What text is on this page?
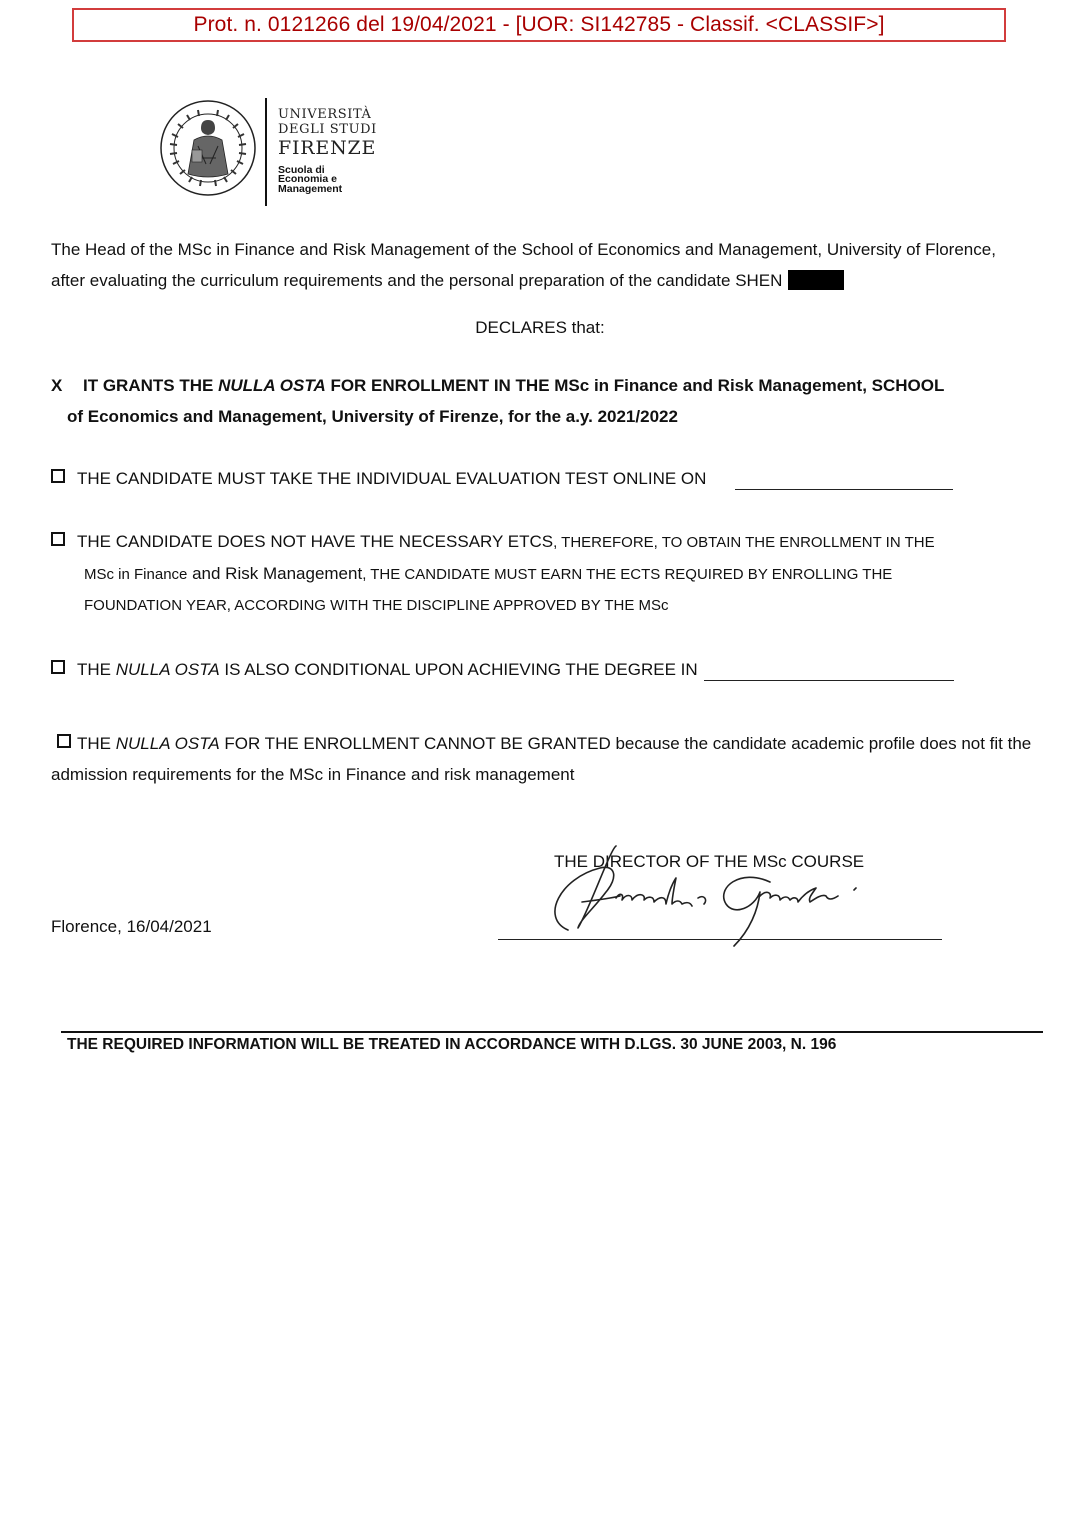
Prot. n. 0121266 del 19/04/2021 - [UOR: SI142785 - Classif. <CLASSIF>]
UNIVERSITÀ
DEGLI STUDI
FIRENZE
Scuola di
Economia e
Management
The Head of the MSc in Finance and Risk Management of the School of Economics and Management, University of Florence, after evaluating the curriculum requirements and the personal preparation of the candidate SHEN
DECLARES that:
X IT GRANTS THE NULLA OSTA FOR ENROLLMENT IN THE MSc in Finance and Risk Management, SCHOOL
of Economics and Management, University of Firenze, for the a.y. 2021/2022
THE CANDIDATE MUST TAKE THE INDIVIDUAL EVALUATION TEST ONLINE ON
THE CANDIDATE DOES NOT HAVE THE NECESSARY ETCS, THEREFORE, TO OBTAIN THE ENROLLMENT IN THE
MSc in Finance and Risk Management, THE CANDIDATE MUST EARN THE ECTS REQUIRED BY ENROLLING THE
FOUNDATION YEAR, ACCORDING WITH THE DISCIPLINE APPROVED BY THE MSc
THE NULLA OSTA IS ALSO CONDITIONAL UPON ACHIEVING THE DEGREE IN
THE NULLA OSTA FOR THE ENROLLMENT CANNOT BE GRANTED because the candidate academic profile does not fit the admission requirements for the MSc in Finance and risk management
THE DIRECTOR OF THE MSc COURSE
Florence, 16/04/2021
THE REQUIRED INFORMATION WILL BE TREATED IN ACCORDANCE WITH D.LGS. 30 JUNE 2003, N. 196
